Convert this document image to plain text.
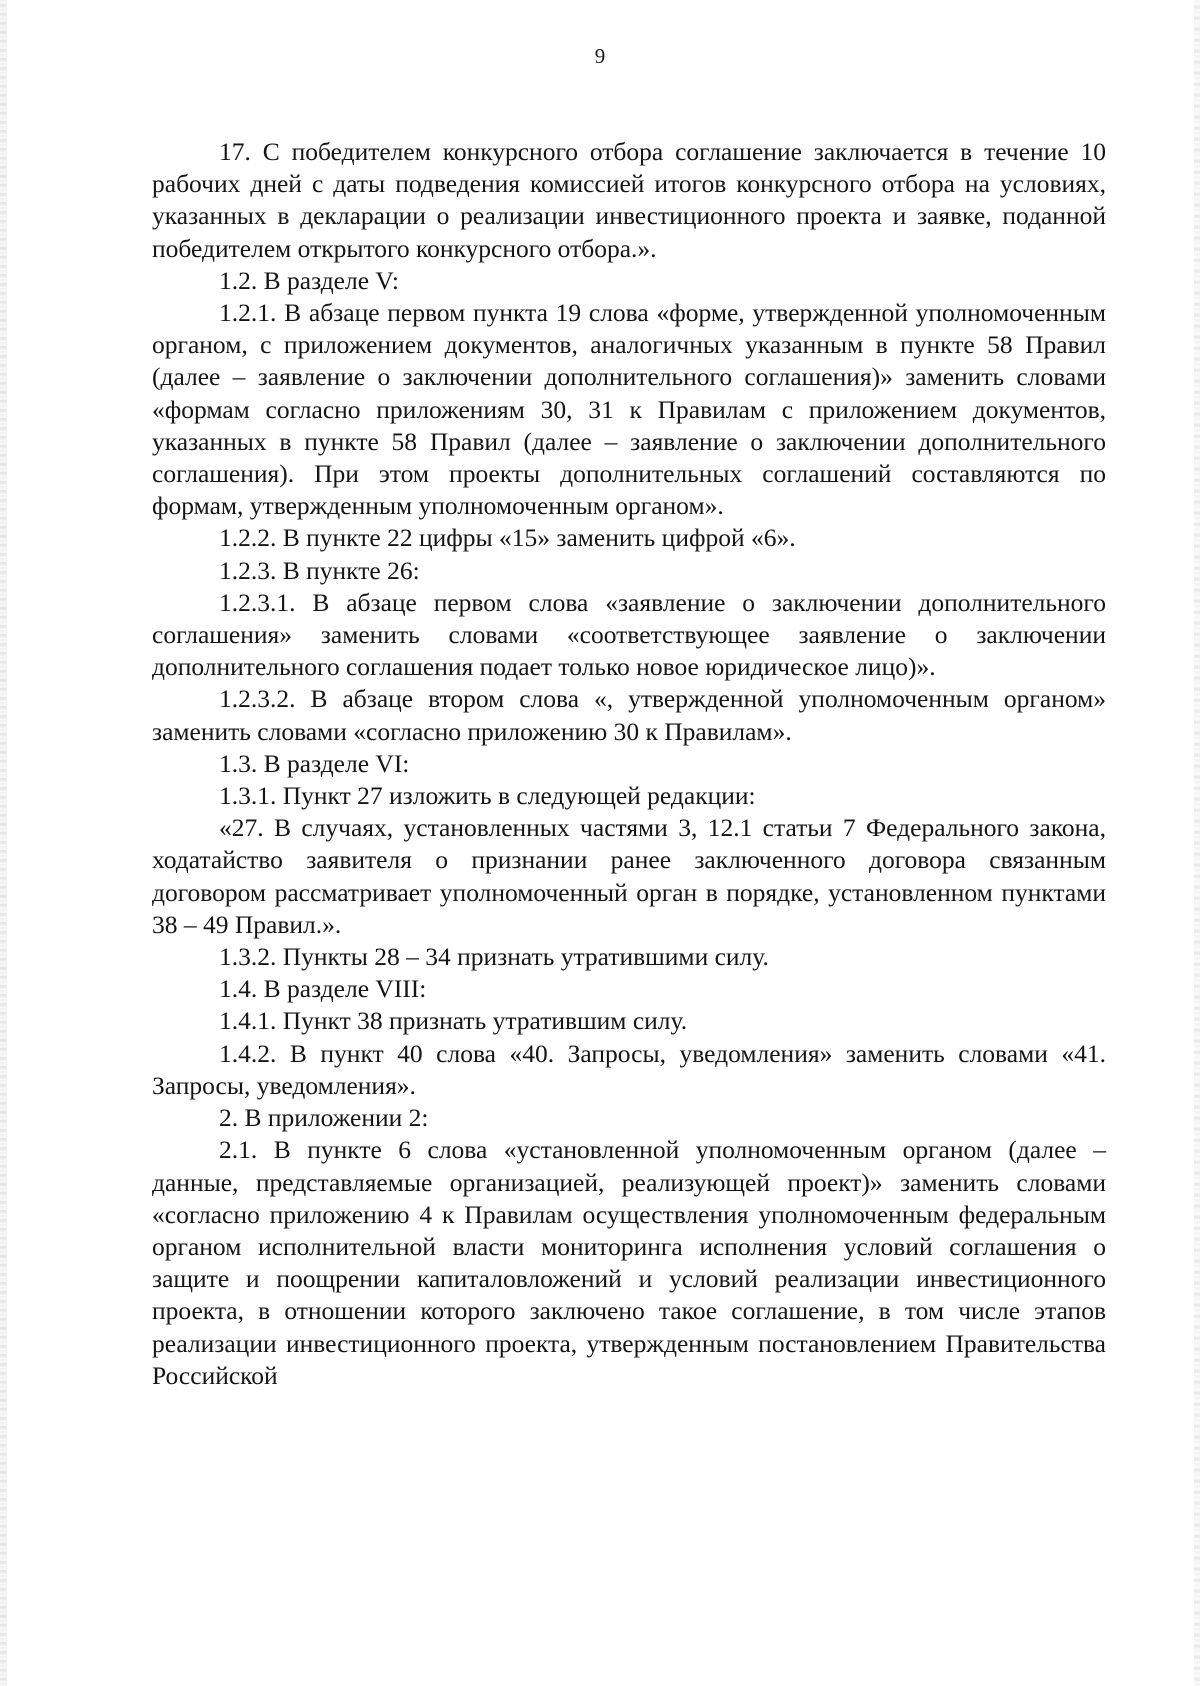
9

17. С победителем конкурсного отбора соглашение заключается в течение 10 рабочих дней с даты подведения комиссией итогов конкурсного отбора на условиях, указанных в декларации о реализации инвестиционного проекта и заявке, поданной победителем открытого конкурсного отбора.».

1.2. В разделе V:

1.2.1. В абзаце первом пункта 19 слова «форме, утвержденной уполномоченным органом, с приложением документов, аналогичных указанным в пункте 58 Правил (далее – заявление о заключении дополнительного соглашения)» заменить словами «формам согласно приложениям 30, 31 к Правилам с приложением документов, указанных в пункте 58 Правил (далее – заявление о заключении дополнительного соглашения). При этом проекты дополнительных соглашений составляются по формам, утвержденным уполномоченным органом».

1.2.2. В пункте 22 цифры «15» заменить цифрой «6».

1.2.3. В пункте 26:

1.2.3.1. В абзаце первом слова «заявление о заключении дополнительного соглашения» заменить словами «соответствующее заявление о заключении дополнительного соглашения подает только новое юридическое лицо)».

1.2.3.2. В абзаце втором слова «, утвержденной уполномоченным органом» заменить словами «согласно приложению 30 к Правилам».

1.3. В разделе VI:

1.3.1. Пункт 27 изложить в следующей редакции:

«27. В случаях, установленных частями 3, 12.1 статьи 7 Федерального закона, ходатайство заявителя о признании ранее заключенного договора связанным договором рассматривает уполномоченный орган в порядке, установленном пунктами 38 – 49 Правил.».

1.3.2. Пункты 28 – 34 признать утратившими силу.

1.4. В разделе VIII:

1.4.1. Пункт 38 признать утратившим силу.

1.4.2. В пункт 40 слова «40. Запросы, уведомления» заменить словами «41. Запросы, уведомления».

2. В приложении 2:

2.1. В пункте 6 слова «установленной уполномоченным органом (далее – данные, представляемые организацией, реализующей проект)» заменить словами «согласно приложению 4 к Правилам осуществления уполномоченным федеральным органом исполнительной власти мониторинга исполнения условий соглашения о защите и поощрении капиталовложений и условий реализации инвестиционного проекта, в отношении которого заключено такое соглашение, в том числе этапов реализации инвестиционного проекта, утвержденным постановлением Правительства Российской
